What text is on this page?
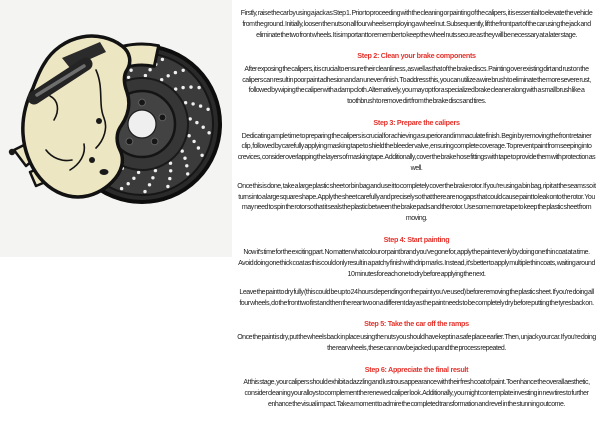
Firstly, raise the car by using a jack as Step 1. Prior to proceeding with the cleaning or painting of the calipers, it is essential to elevate the vehicle from the ground. Initially, loosen the nuts on all four wheels employing a wheel nut. Subsequently, lift the front part of the car using the jack and eliminate the two front wheels. It is important to remember to keep the wheel nuts secure as they will be necessary at a later stage.

Step 2: Clean your brake components

After exposing the calipers, it is crucial to ensure their cleanliness, as well as that of the brake discs. Painting over existing dirt and rust on the calipers can result in poor paint adhesion and an uneven finish. To address this, you can utilize a wire brush to eliminate the more severe rust, followed by wiping the caliper with a damp cloth. Alternatively, you may opt for a specialized brake cleaner along with a small brush like a toothbrush to remove dirt from the brake discs and tires.

Step 3: Prepare the calipers

Dedicating ample time to preparing the calipers is crucial for achieving a superior and immaculate finish. Begin by removing the front retainer clip, followed by carefully applying masking tape to shield the bleeder valve, ensuring complete coverage. To prevent paint from seeping into crevices, consider overlapping the layers of masking tape. Additionally, cover the brake hose fittings with tape to provide them with protection as well.

Once this is done, take a large plastic sheet or bin bag and use it to completely cover the brake rotor. If you're using a bin bag, rip it at the seams so it turns into a large square shape. Apply the sheet carefully and precisely so that there are no gaps that could cause paint to leak onto the rotor. You may need to spin the rotor so that it seals the plastic between the brake pads and the rotor. Use some more tape to keep the plastic sheet from moving.

Step 4: Start painting

Now it's time for the exciting part. No matter what colour or paint brand you've gone for, apply the paint evenly by doing one thin coat at a time. Avoid doing one thick coat as this could only result in a patchy finish with drip marks. Instead, it's better to apply multiple thin coats, waiting around 10 minutes for each one to dry before applying the next.

Leave the paint to dry fully (this could be up to 24 hours depending on the paint you've used) before removing the plastic sheet. If you're doing all four wheels, do the front two first and then the rear two on a different day as the paint needs to be completely dry before putting the tyres back on.

Step 5: Take the car off the ramps

Once the paint is dry, put the wheels back in place using the nuts you should have kept in a safe place earlier. Then, unjack your car. If you're doing the rear wheels, these can now be jacked up and the process repeated.

Step 6: Appreciate the final result

At this stage, your calipers should exhibit a dazzling and lustrous appearance with their fresh coat of paint. To enhance the overall aesthetic, consider cleaning your alloys to complement the renewed caliper look. Additionally, you might contemplate investing in new tires to further enhance the visual impact. Take a moment to admire the completed transformation and revel in the stunning outcome.
